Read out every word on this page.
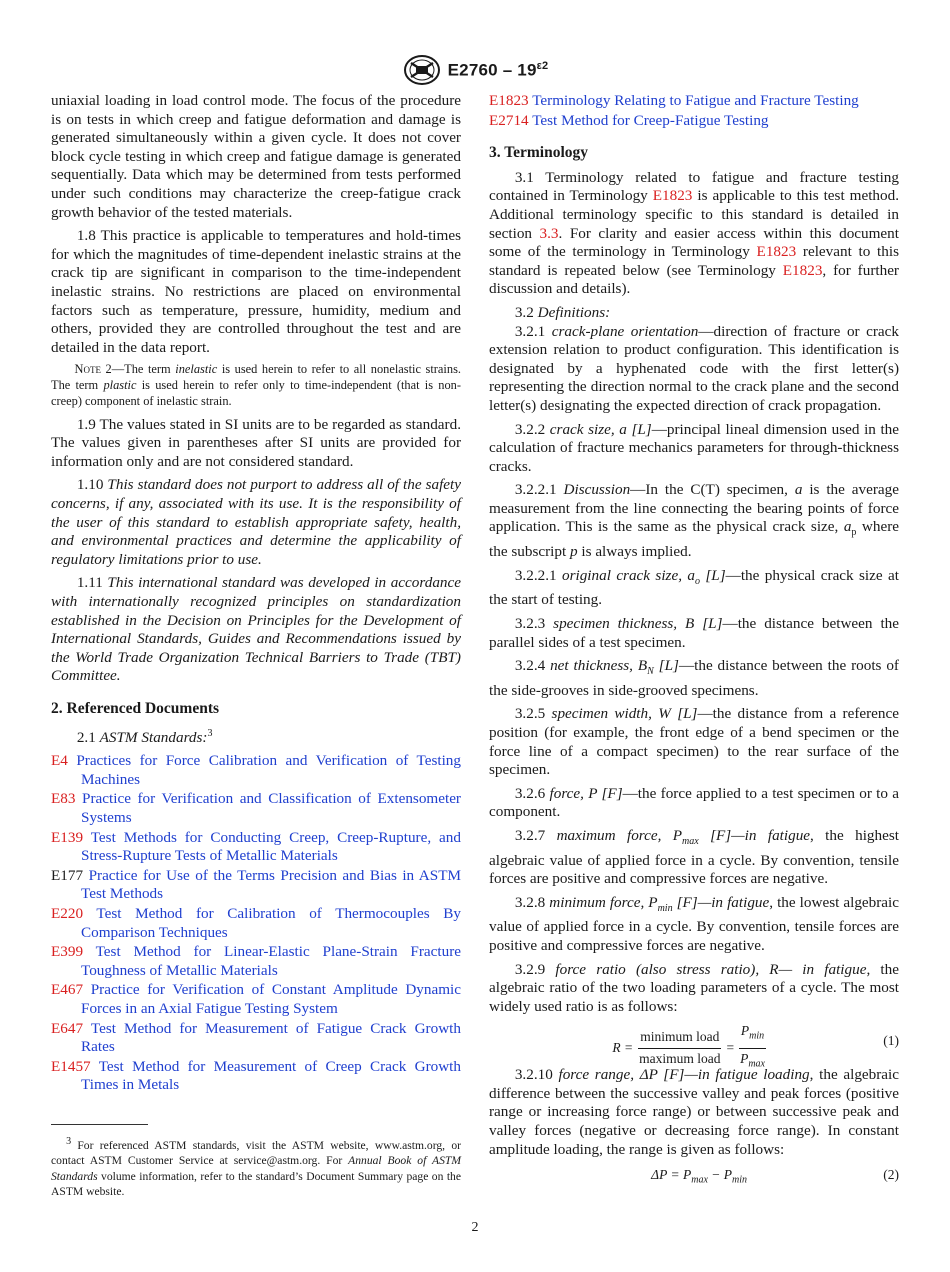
$E2760 - 19^{\varepsilon 2}$

uniaxial loading in load control mode. The focus of the procedure is on tests in which creep and fatigue deformation and damage is generated simultaneously within a given cycle. It does not cover block cycle testing in which creep and fatigue damage is generated sequentially. Data which may be determined from tests performed under such conditions may characterize the creep-fatigue crack growth behavior of the tested materials.

1.8 This practice is applicable to temperatures and hold-times for which the magnitudes of time-dependent inelastic strains at the crack tip are significant in comparison to the time-independent inelastic strains. No restrictions are placed on environmental factors such as temperature, pressure, humidity, medium and others, provided they are controlled throughout the test and are detailed in the data report.

Note 2—The term inelastic is used herein to refer to all nonelastic strains. The term plastic is used herein to refer only to time-independent (that is non-creep) component of inelastic strain.

1.9 The values stated in SI units are to be regarded as standard. The values given in parentheses after SI units are provided for information only and are not considered standard.

1.10 This standard does not purport to address all of the safety concerns, if any, associated with its use. It is the responsibility of the user of this standard to establish appropriate safety, health, and environmental practices and determine the applicability of regulatory limitations prior to use.

1.11 This international standard was developed in accordance with internationally recognized principles on standardization established in the Decision on Principles for the Development of International Standards, Guides and Recommendations issued by the World Trade Organization Technical Barriers to Trade (TBT) Committee.

2. Referenced Documents

2.1 ASTM Standards:$^3$

E4 Practices for Force Calibration and Verification of Testing Machines

E83 Practice for Verification and Classification of Extensometer Systems

E139 Test Methods for Conducting Creep, Creep-Rupture, and Stress-Rupture Tests of Metallic Materials

E177 Practice for Use of the Terms Precision and Bias in ASTM Test Methods

E220 Test Method for Calibration of Thermocouples By Comparison Techniques

E399 Test Method for Linear-Elastic Plane-Strain Fracture Toughness of Metallic Materials

E467 Practice for Verification of Constant Amplitude Dynamic Forces in an Axial Fatigue Testing System

E647 Test Method for Measurement of Fatigue Crack Growth Rates

E1457 Test Method for Measurement of Creep Crack Growth Times in Metals

3 For referenced ASTM standards, visit the ASTM website, www.astm.org, or contact ASTM Customer Service at service@astm.org. For Annual Book of ASTM Standards volume information, refer to the standard’s Document Summary page on the ASTM website.

E1823 Terminology Relating to Fatigue and Fracture Testing

E2714 Test Method for Creep-Fatigue Testing

3. Terminology

3.1 Terminology related to fatigue and fracture testing contained in Terminology E1823 is applicable to this test method. Additional terminology specific to this standard is detailed in section 3.3. For clarity and easier access within this document some of the terminology in Terminology E1823 relevant to this standard is repeated below (see Terminology E1823, for further discussion and details).

3.2 Definitions:

3.2.1 crack-plane orientation—direction of fracture or crack extension relation to product configuration. This identification is designated by a hyphenated code with the first letter(s) representing the direction normal to the crack plane and the second letter(s) designating the expected direction of crack propagation.

3.2.2 crack size, a [L]—principal lineal dimension used in the calculation of fracture mechanics parameters for through-thickness cracks.

3.2.2.1 Discussion—In the C(T) specimen, a is the average measurement from the line connecting the bearing points of force application. This is the same as the physical crack size, $a_p$ where the subscript p is always implied.

3.2.2.1 original crack size, $a_o$ [L]—the physical crack size at the start of testing.

3.2.3 specimen thickness, B [L]—the distance between the parallel sides of a test specimen.

3.2.4 net thickness, $B_N$ [L]—the distance between the roots of the side-grooves in side-grooved specimens.

3.2.5 specimen width, W [L]—the distance from a reference position (for example, the front edge of a bend specimen or the force line of a compact specimen) to the rear surface of the specimen.

3.2.6 force, P [F]—the force applied to a test specimen or to a component.

3.2.7 maximum force, $P_{max}$ [F]—in fatigue, the highest algebraic value of applied force in a cycle. By convention, tensile forces are positive and compressive forces are negative.

3.2.8 minimum force, $P_{min}$ [F]—in fatigue, the lowest algebraic value of applied force in a cycle. By convention, tensile forces are positive and compressive forces are negative.

3.2.9 force ratio (also stress ratio), R— in fatigue, the algebraic ratio of the two loading parameters of a cycle. The most widely used ratio is as follows:

$R = \frac{\text{minimum load}}{\text{maximum load}} = \frac{P_{min}}{P_{max}}$	(1)

3.2.10 force range, ΔP [F]—in fatigue loading, the algebraic difference between the successive valley and peak forces (positive range or increasing force range) or between successive peak and valley forces (negative or decreasing force range). In constant amplitude loading, the range is given as follows:

$\Delta P = P_{max} - P_{min}$	(2)
2
